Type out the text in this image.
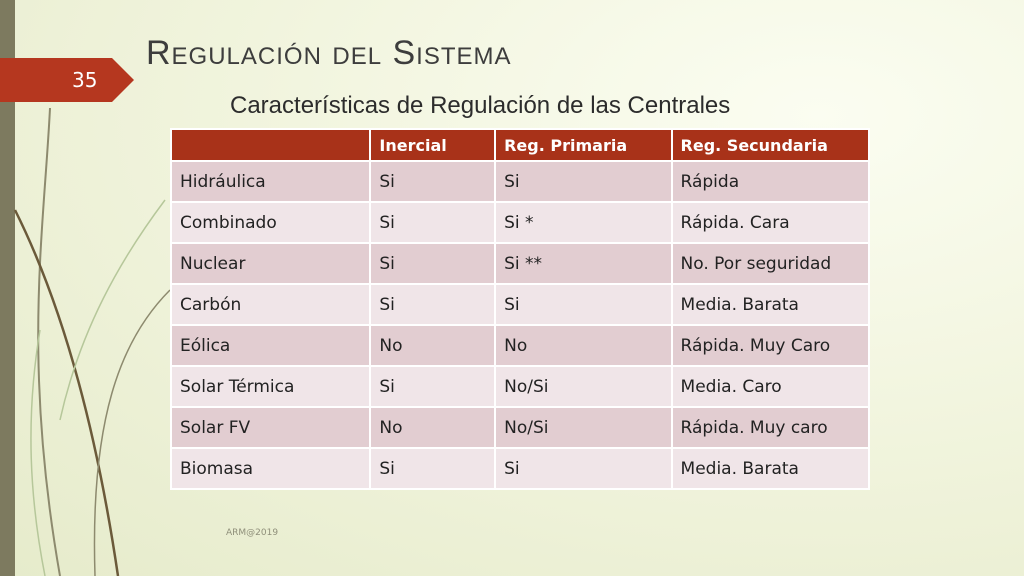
35
Regulación del Sistema
Características de Regulación de las Centrales
	Inercial	Reg. Primaria	Reg. Secundaria
Hidráulica	Si	Si	Rápida
Combinado	Si	Si *	Rápida. Cara
Nuclear	Si	Si **	No. Por seguridad
Carbón	Si	Si	Media. Barata
Eólica	No	No	Rápida. Muy Caro
Solar Térmica	Si	No/Si	Media. Caro
Solar FV	No	No/Si	Rápida. Muy caro
Biomasa	Si	Si	Media. Barata
ARM@2019
